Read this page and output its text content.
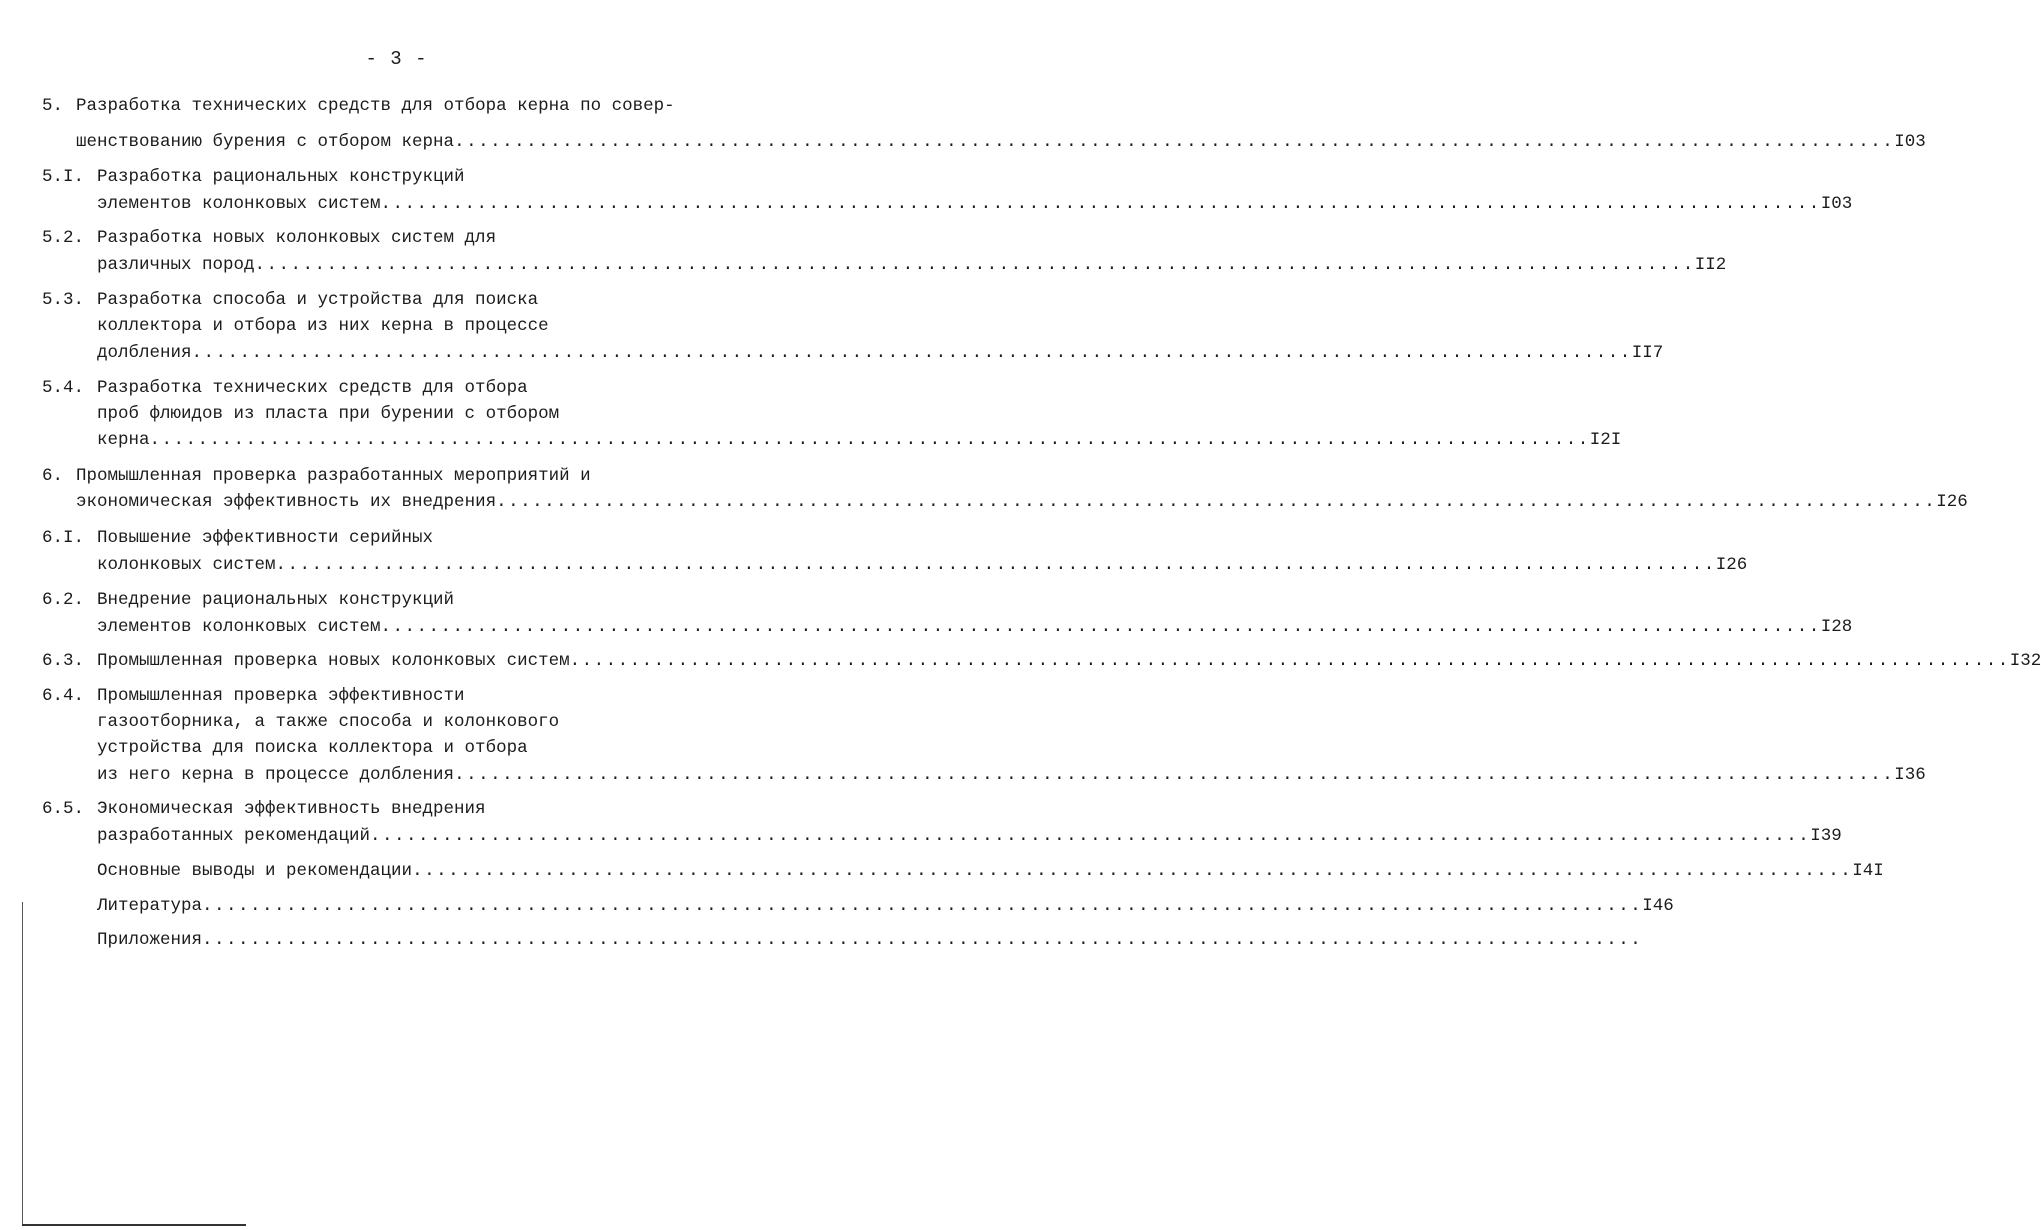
- 3 -
5. Разработка технических средств для отбора керна по совер-
шенствованию бурения с отбором керна ........................................................................................................................ I03
5.I. Разработка рациональных конструкций
элементов колонковых систем ........................................................................................................................ I03
5.2. Разработка новых колонковых систем для
различных пород ........................................................................................................................ II2
5.3. Разработка способа и устройства для поиска
коллектора и отбора из них керна в процессе
долбления ........................................................................................................................ II7
5.4. Разработка технических средств для отбора
проб флюидов из пласта при бурении с отбором
керна ........................................................................................................................ I2I
6. Промышленная проверка разработанных мероприятий и
экономическая эффективность их внедрения ........................................................................................................................ I26
6.I. Повышение эффективности серийных
колонковых систем ........................................................................................................................ I26
6.2. Внедрение рациональных конструкций
элементов колонковых систем ........................................................................................................................ I28
6.3. Промышленная проверка новых колонковых систем ........................................................................................................................ I32
6.4. Промышленная проверка эффективности
газоотборника, а также способа и колонкового
устройства для поиска коллектора и отбора
из него керна в процессе долбления ........................................................................................................................ I36
6.5. Экономическая эффективность внедрения
разработанных рекомендаций ........................................................................................................................ I39
Основные выводы и рекомендации ........................................................................................................................ I4I
Литература ........................................................................................................................ I46
Приложения ........................................................................................................................
